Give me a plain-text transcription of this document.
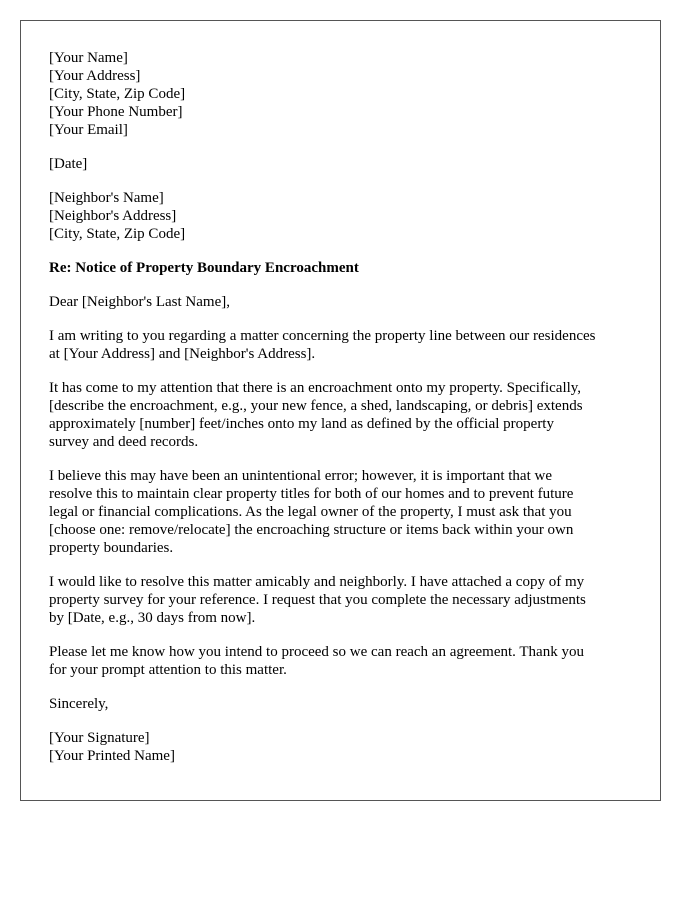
[Your Name]
[Your Address]
[City, State, Zip Code]
[Your Phone Number]
[Your Email]
[Date]
[Neighbor's Name]
[Neighbor's Address]
[City, State, Zip Code]
Re: Notice of Property Boundary Encroachment
Dear [Neighbor's Last Name],
I am writing to you regarding a matter concerning the property line between our residences
at [Your Address] and [Neighbor's Address].
It has come to my attention that there is an encroachment onto my property. Specifically,
[describe the encroachment, e.g., your new fence, a shed, landscaping, or debris] extends
approximately [number] feet/inches onto my land as defined by the official property
survey and deed records.
I believe this may have been an unintentional error; however, it is important that we
resolve this to maintain clear property titles for both of our homes and to prevent future
legal or financial complications. As the legal owner of the property, I must ask that you
[choose one: remove/relocate] the encroaching structure or items back within your own
property boundaries.
I would like to resolve this matter amicably and neighborly. I have attached a copy of my
property survey for your reference. I request that you complete the necessary adjustments
by [Date, e.g., 30 days from now].
Please let me know how you intend to proceed so we can reach an agreement. Thank you
for your prompt attention to this matter.
Sincerely,
[Your Signature]
[Your Printed Name]
